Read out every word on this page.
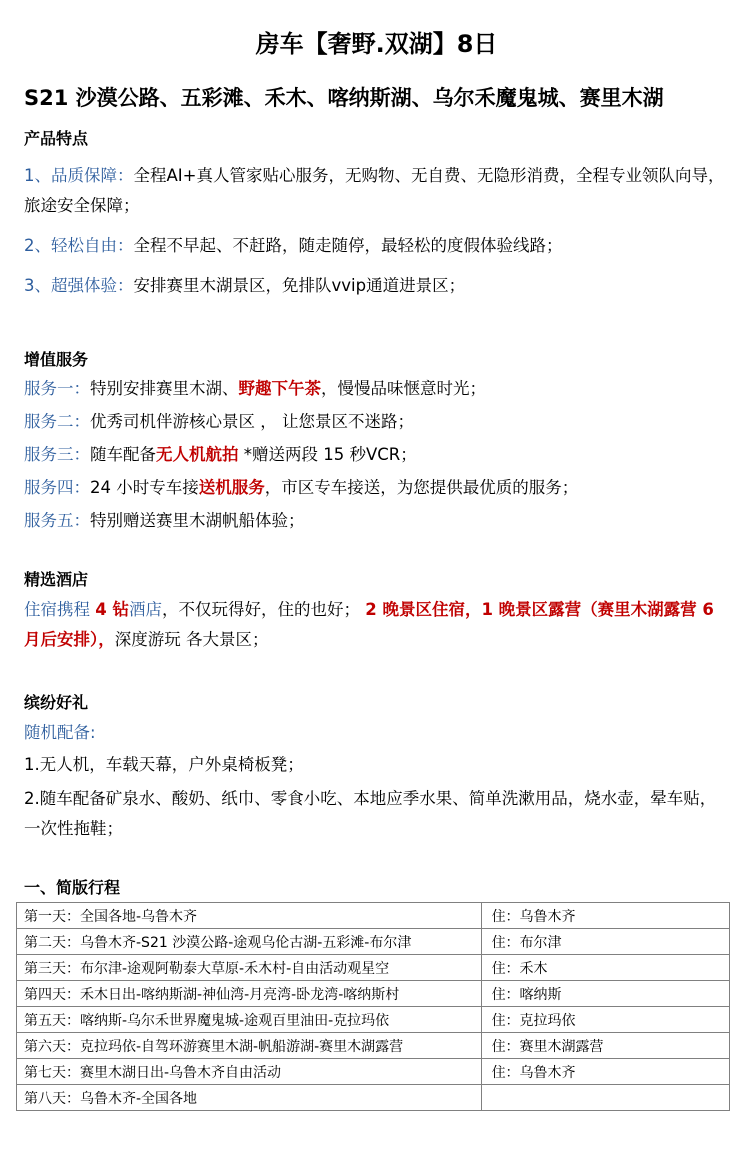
房车【奢野.双湖】8日
S21 沙漠公路、五彩滩、禾木、喀纳斯湖、乌尔禾魔鬼城、赛里木湖
产品特点
1、品质保障：全程AI+真人管家贴心服务，无购物、无自费、无隐形消费，全程专业领队向导，旅途安全保障；
2、轻松自由：全程不早起、不赶路，随走随停，最轻松的度假体验线路；
3、超强体验：安排赛里木湖景区，免排队vvip通道进景区；
增值服务
服务一：特别安排赛里木湖、野趣下午茶，慢慢品味惬意时光；
服务二：优秀司机伴游核心景区 ， 让您景区不迷路；
服务三：随车配备无人机航拍 *赠送两段 15 秒VCR；
服务四：24 小时专车接送机服务，市区专车接送，为您提供最优质的服务；
服务五：特别赠送赛里木湖帆船体验；
精选酒店
住宿携程 4 钻酒店，不仅玩得好，住的也好； 2 晚景区住宿，1 晚景区露营（赛里木湖露营 6 月后安排），深度游玩 各大景区；
缤纷好礼
随机配备:
1.无人机，车载天幕，户外桌椅板凳；
2.随车配备矿泉水、酸奶、纸巾、零食小吃、本地应季水果、简单洗漱用品，烧水壶，晕车贴，一次性拖鞋；
一、简版行程
第一天：全国各地-乌鲁木齐	住：乌鲁木齐
第二天：乌鲁木齐-S21 沙漠公路-途观乌伦古湖-五彩滩-布尔津	住：布尔津
第三天：布尔津-途观阿勒泰大草原-禾木村-自由活动观星空	住：禾木
第四天：禾木日出-喀纳斯湖-神仙湾-月亮湾-卧龙湾-喀纳斯村	住：喀纳斯
第五天：喀纳斯-乌尔禾世界魔鬼城-途观百里油田-克拉玛依	住：克拉玛依
第六天：克拉玛依-自驾环游赛里木湖-帆船游湖-赛里木湖露营	住：赛里木湖露营
第七天：赛里木湖日出-乌鲁木齐自由活动	住：乌鲁木齐
第八天：乌鲁木齐-全国各地	
